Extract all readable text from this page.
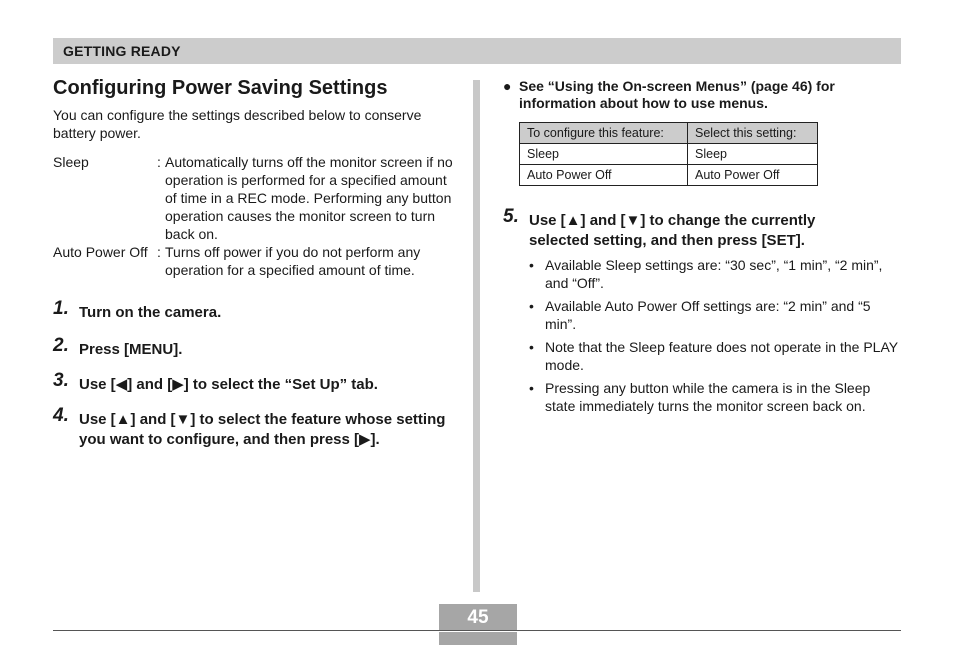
GETTING READY
Configuring Power Saving Settings
You can configure the settings described below to conserve battery power.
Sleep	: Automatically turns off the monitor screen if no operation is performed for a specified amount of time in a REC mode. Performing any button operation causes the monitor screen to turn back on.
Auto Power Off : Turns off power if you do not perform any operation for a specified amount of time.
1. Turn on the camera.
2. Press [MENU].
3. Use [◀] and [▶] to select the “Set Up” tab.
4. Use [▲] and [▼] to select the feature whose setting you want to configure, and then press [▶].
● See “Using the On-screen Menus” (page 46) for information about how to use menus.
To configure this feature:	Select this setting:
Sleep	Sleep
Auto Power Off	Auto Power Off
5. Use [▲] and [▼] to change the currently selected setting, and then press [SET].
• Available Sleep settings are: “30 sec”, “1 min”, “2 min”, and “Off”.
• Available Auto Power Off settings are: “2 min” and “5 min”.
• Note that the Sleep feature does not operate in the PLAY mode.
• Pressing any button while the camera is in the Sleep state immediately turns the monitor screen back on.
45
